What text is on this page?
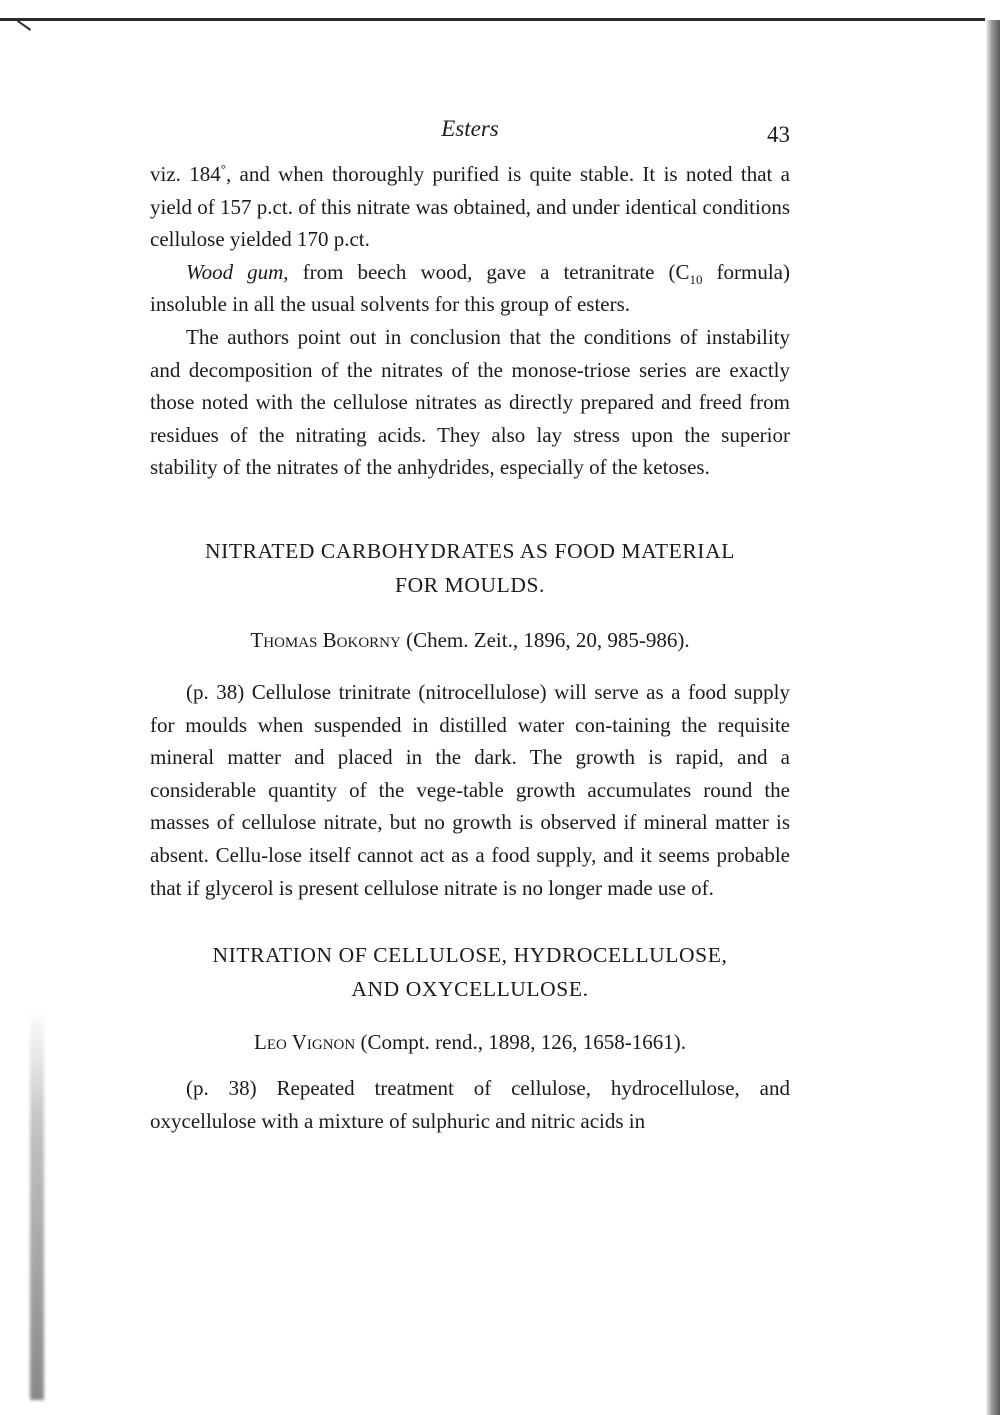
Esters	43

viz. 184°, and when thoroughly purified is quite stable. It is noted that a yield of 157 p.ct. of this nitrate was obtained, and under identical conditions cellulose yielded 170 p.ct.

Wood gum, from beech wood, gave a tetranitrate ($C_{10}$ formula) insoluble in all the usual solvents for this group of esters.

The authors point out in conclusion that the conditions of instability and decomposition of the nitrates of the monose-triose series are exactly those noted with the cellulose nitrates as directly prepared and freed from residues of the nitrating acids. They also lay stress upon the superior stability of the nitrates of the anhydrides, especially of the ketoses.

NITRATED CARBOHYDRATES AS FOOD MATERIAL
FOR MOULDS.
Thomas Bokorny (Chem. Zeit., 1896, 20, 985-986).

(p. 38) Cellulose trinitrate (nitrocellulose) will serve as a food supply for moulds when suspended in distilled water con-taining the requisite mineral matter and placed in the dark. The growth is rapid, and a considerable quantity of the vege-table growth accumulates round the masses of cellulose nitrate, but no growth is observed if mineral matter is absent. Cellu-lose itself cannot act as a food supply, and it seems probable that if glycerol is present cellulose nitrate is no longer made use of.

NITRATION OF CELLULOSE, HYDROCELLULOSE,
AND OXYCELLULOSE.
Leo Vignon (Compt. rend., 1898, 126, 1658-1661).

(p. 38) Repeated treatment of cellulose, hydrocellulose, and oxycellulose with a mixture of sulphuric and nitric acids in
